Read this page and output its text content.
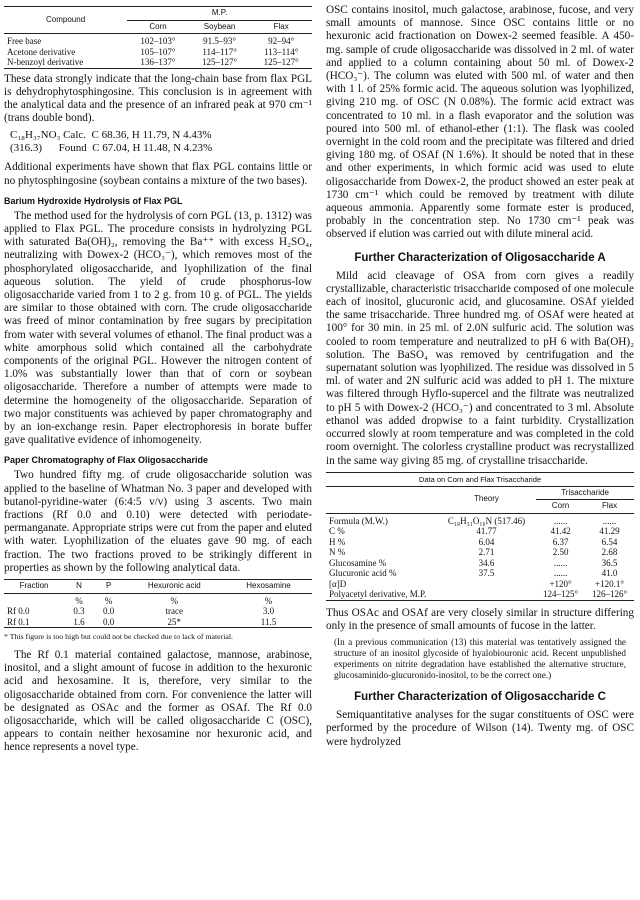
Compound	M.P.		
	Corn	Soybean	Flax
Free base	102–103°	91.5–93°	92–94°
Acetone derivative	105–107°	114–117°	113–114°
N-benzoyl derivative	136–137°	125–127°	125–127°

These data strongly indicate that the long-chain base from flax PGL is dehydrophytosphingosine. This conclusion is in agreement with the analytical data and the presence of an infrared peak at 970 cm⁻¹ (trans double bond).

C₁₈H₃₇NO₃ Calc. C 68.36, H 11.79, N 4.43%
(316.3) Found C 67.04, H 11.48, N 4.23%

Additional experiments have shown that flax PGL contains little or no phytosphingosine (soybean contains a mixture of the two bases).

Barium Hydroxide Hydrolysis of Flax PGL

The method used for the hydrolysis of corn PGL (13, p. 1312) was applied to Flax PGL. The procedure consists in hydrolyzing PGL with saturated Ba(OH)₂, removing the Ba⁺⁺ with excess H₂SO₄, neutralizing with Dowex-2 (HCO₃⁻), which removes most of the phosphorylated oligosaccharide, and lyophilization of the final aqueous solution. The yield of crude phosphorus-low oligosaccharide varied from 1 to 2 g. from 10 g. of PGL. The yields are similar to those obtained with corn. The crude oligosaccharide was freed of minor contamination by free sugars by precipitation from water with several volumes of ethanol. The final product was a white amorphous solid which contained all the carbohydrate components of the original PGL. However the nitrogen content of 1.0% was substantially lower than that of corn or soybean oligosaccharide. Therefore a number of attempts were made to determine the homogeneity of the oligosaccharide. Separation of two major constituents was achieved by paper chromatography and by an ion-exchange resin. Paper electrophoresis in borate buffer gave qualitative evidence of inhomogeneity.

Paper Chromatography of Flax Oligosaccharide

Two hundred fifty mg. of crude oligosaccharide solution was applied to the baseline of Whatman No. 3 paper and developed with butanol-pyridine-water (6:4:5 v/v) using 3 ascents. Two main fractions (Rf 0.0 and 0.10) were detected with periodate-permanganate. Appropriate strips were cut from the paper and eluted with water. Lyophilization of the eluates gave 90 mg. of each fraction. The two fractions proved to be strikingly different in properties as shown by the following analytical data.

Fraction	N	P	Hexuronic acid	Hexosamine
	%	%	%	%
Rf 0.0	0.3	0.0	trace	3.0
Rf 0.1	1.6	0.0	25*	11.5
* This figure is too high but could not be checked due to lack of material.

The Rf 0.1 material contained galactose, mannose, arabinose, inositol, and a slight amount of fucose in addition to the hexuronic acid and hexosamine. It is, therefore, very similar to the oligosaccharide obtained from corn. For convenience the latter will be designated as OSAc and the former as OSAf. The Rf 0.0 oligosaccharide, which will be called oligosaccharide C (OSC), appears to contain neither hexosamine nor hexuronic acid, and hence represents a novel type.

OSC contains inositol, much galactose, arabinose, fucose, and very small amounts of mannose. Since OSC contains little or no hexuronic acid fractionation on Dowex-2 seemed feasible. A 450-mg. sample of crude oligosaccharide was dissolved in 2 ml. of water and applied to a column containing about 50 ml. of Dowex-2 (HCO₃⁻). The column was eluted with 500 ml. of water and then with 1 l. of 25% formic acid. The aqueous solution was lyophilized, giving 210 mg. of OSC (N 0.08%). The formic acid extract was concentrated to 10 ml. in a flash evaporator and the solution was poured into 500 ml. of ethanol-ether (1:1). The flask was cooled overnight in the cold room and the precipitate was filtered and dried giving 180 mg. of OSAf (N 1.6%). It should be noted that in these and other experiments, in which formic acid was used to elute oligosaccharide from Dowex-2, the product showed an ester peak at 1730 cm⁻¹ which could be removed by treatment with dilute aqueous ammonia. Apparently some formate ester is produced, probably in the concentration step. No 1730 cm⁻¹ peak was observed if elution was carried out with dilute mineral acid.

Further Characterization of Oligosaccharide A

Mild acid cleavage of OSA from corn gives a readily crystallizable, characteristic trisaccharide composed of one molecule each of inositol, glucuronic acid, and glucosamine. OSAf yielded the same trisaccharide. Three hundred mg. of OSAf were heated at 100° for 30 min. in 25 ml. of 2.0N sulfuric acid. The solution was cooled to room temperature and neutralized to pH 6 with Ba(OH)₂ solution. The BaSO₄ was removed by centrifugation and the supernatant solution was lyophilized. The residue was dissolved in 5 ml. of water and 2N sulfuric acid was added to pH 1. The mixture was filtered through Hyflo-supercel and the filtrate was neutralized to pH 5 with Dowex-2 (HCO₃⁻) and concentrated to 3 ml. Absolute ethanol was added dropwise to a faint turbidity. Crystallization occurred slowly at room temperature and was completed in the cold room overnight. The colorless crystalline product was recrystallized in the same way giving 85 mg. of crystalline trisaccharide.

Data on Corn and Flax Trisaccharide
	Theory	Trisaccharide	
		Corn	Flax
Formula (M.W.)	C₁₈H₃₁O₁₆N (517.46)	......	......
C %	41.77	41.42	41.29
H %	6.04	6.37	6.54
N %	2.71	2.50	2.68
Glucosamine %	34.6	......	36.5
Glucuronic acid %	37.5	......	41.0
[α]D		+120°	+120.1°
Polyacetyl derivative, M.P.		124–125°	126–126°

Thus OSAc and OSAf are very closely similar in structure differing only in the presence of small amounts of fucose in the latter.

(In a previous communication (13) this material was tentatively assigned the structure of an inositol glycoside of hyalobiouronic acid. Recent unpublished experiments on nitrite degradation have established the alternative structure, glucosaminido-glucuronido-inositol, to be the correct one.)
Further Characterization of Oligosaccharide C

Semiquantitative analyses for the sugar constituents of OSC were performed by the procedure of Wilson (14). Twenty mg. of OSC were hydrolyzed
